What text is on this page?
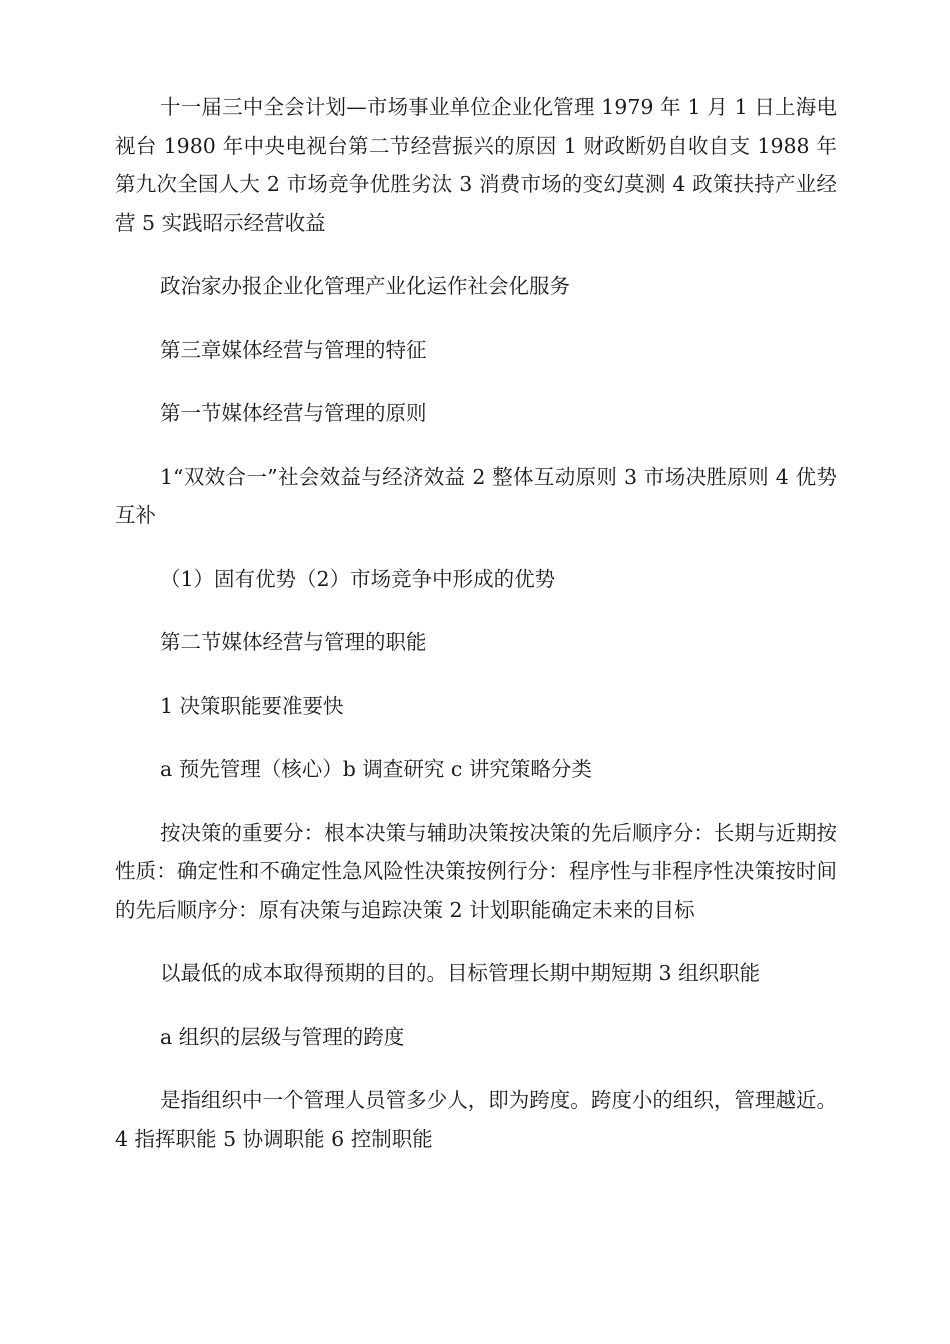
十一届三中全会计划—市场事业单位企业化管理 1979 年 1 月 1 日上海电视台 1980 年中央电视台第二节经营振兴的原因 1 财政断奶自收自支 1988 年第九次全国人大 2 市场竞争优胜劣汰 3 消费市场的变幻莫测 4 政策扶持产业经营 5 实践昭示经营收益

政治家办报企业化管理产业化运作社会化服务

第三章媒体经营与管理的特征

第一节媒体经营与管理的原则

1“双效合一”社会效益与经济效益 2 整体互动原则 3 市场决胜原则 4 优势互补

（1）固有优势（2）市场竞争中形成的优势

第二节媒体经营与管理的职能

1 决策职能要准要快

a 预先管理（核心）b 调查研究 c 讲究策略分类

按决策的重要分：根本决策与辅助决策按决策的先后顺序分：长期与近期按性质：确定性和不确定性急风险性决策按例行分：程序性与非程序性决策按时间的先后顺序分：原有决策与追踪决策 2 计划职能确定未来的目标

以最低的成本取得预期的目的。目标管理长期中期短期 3 组织职能

a 组织的层级与管理的跨度

是指组织中一个管理人员管多少人，即为跨度。跨度小的组织，管理越近。4 指挥职能 5 协调职能 6 控制职能
